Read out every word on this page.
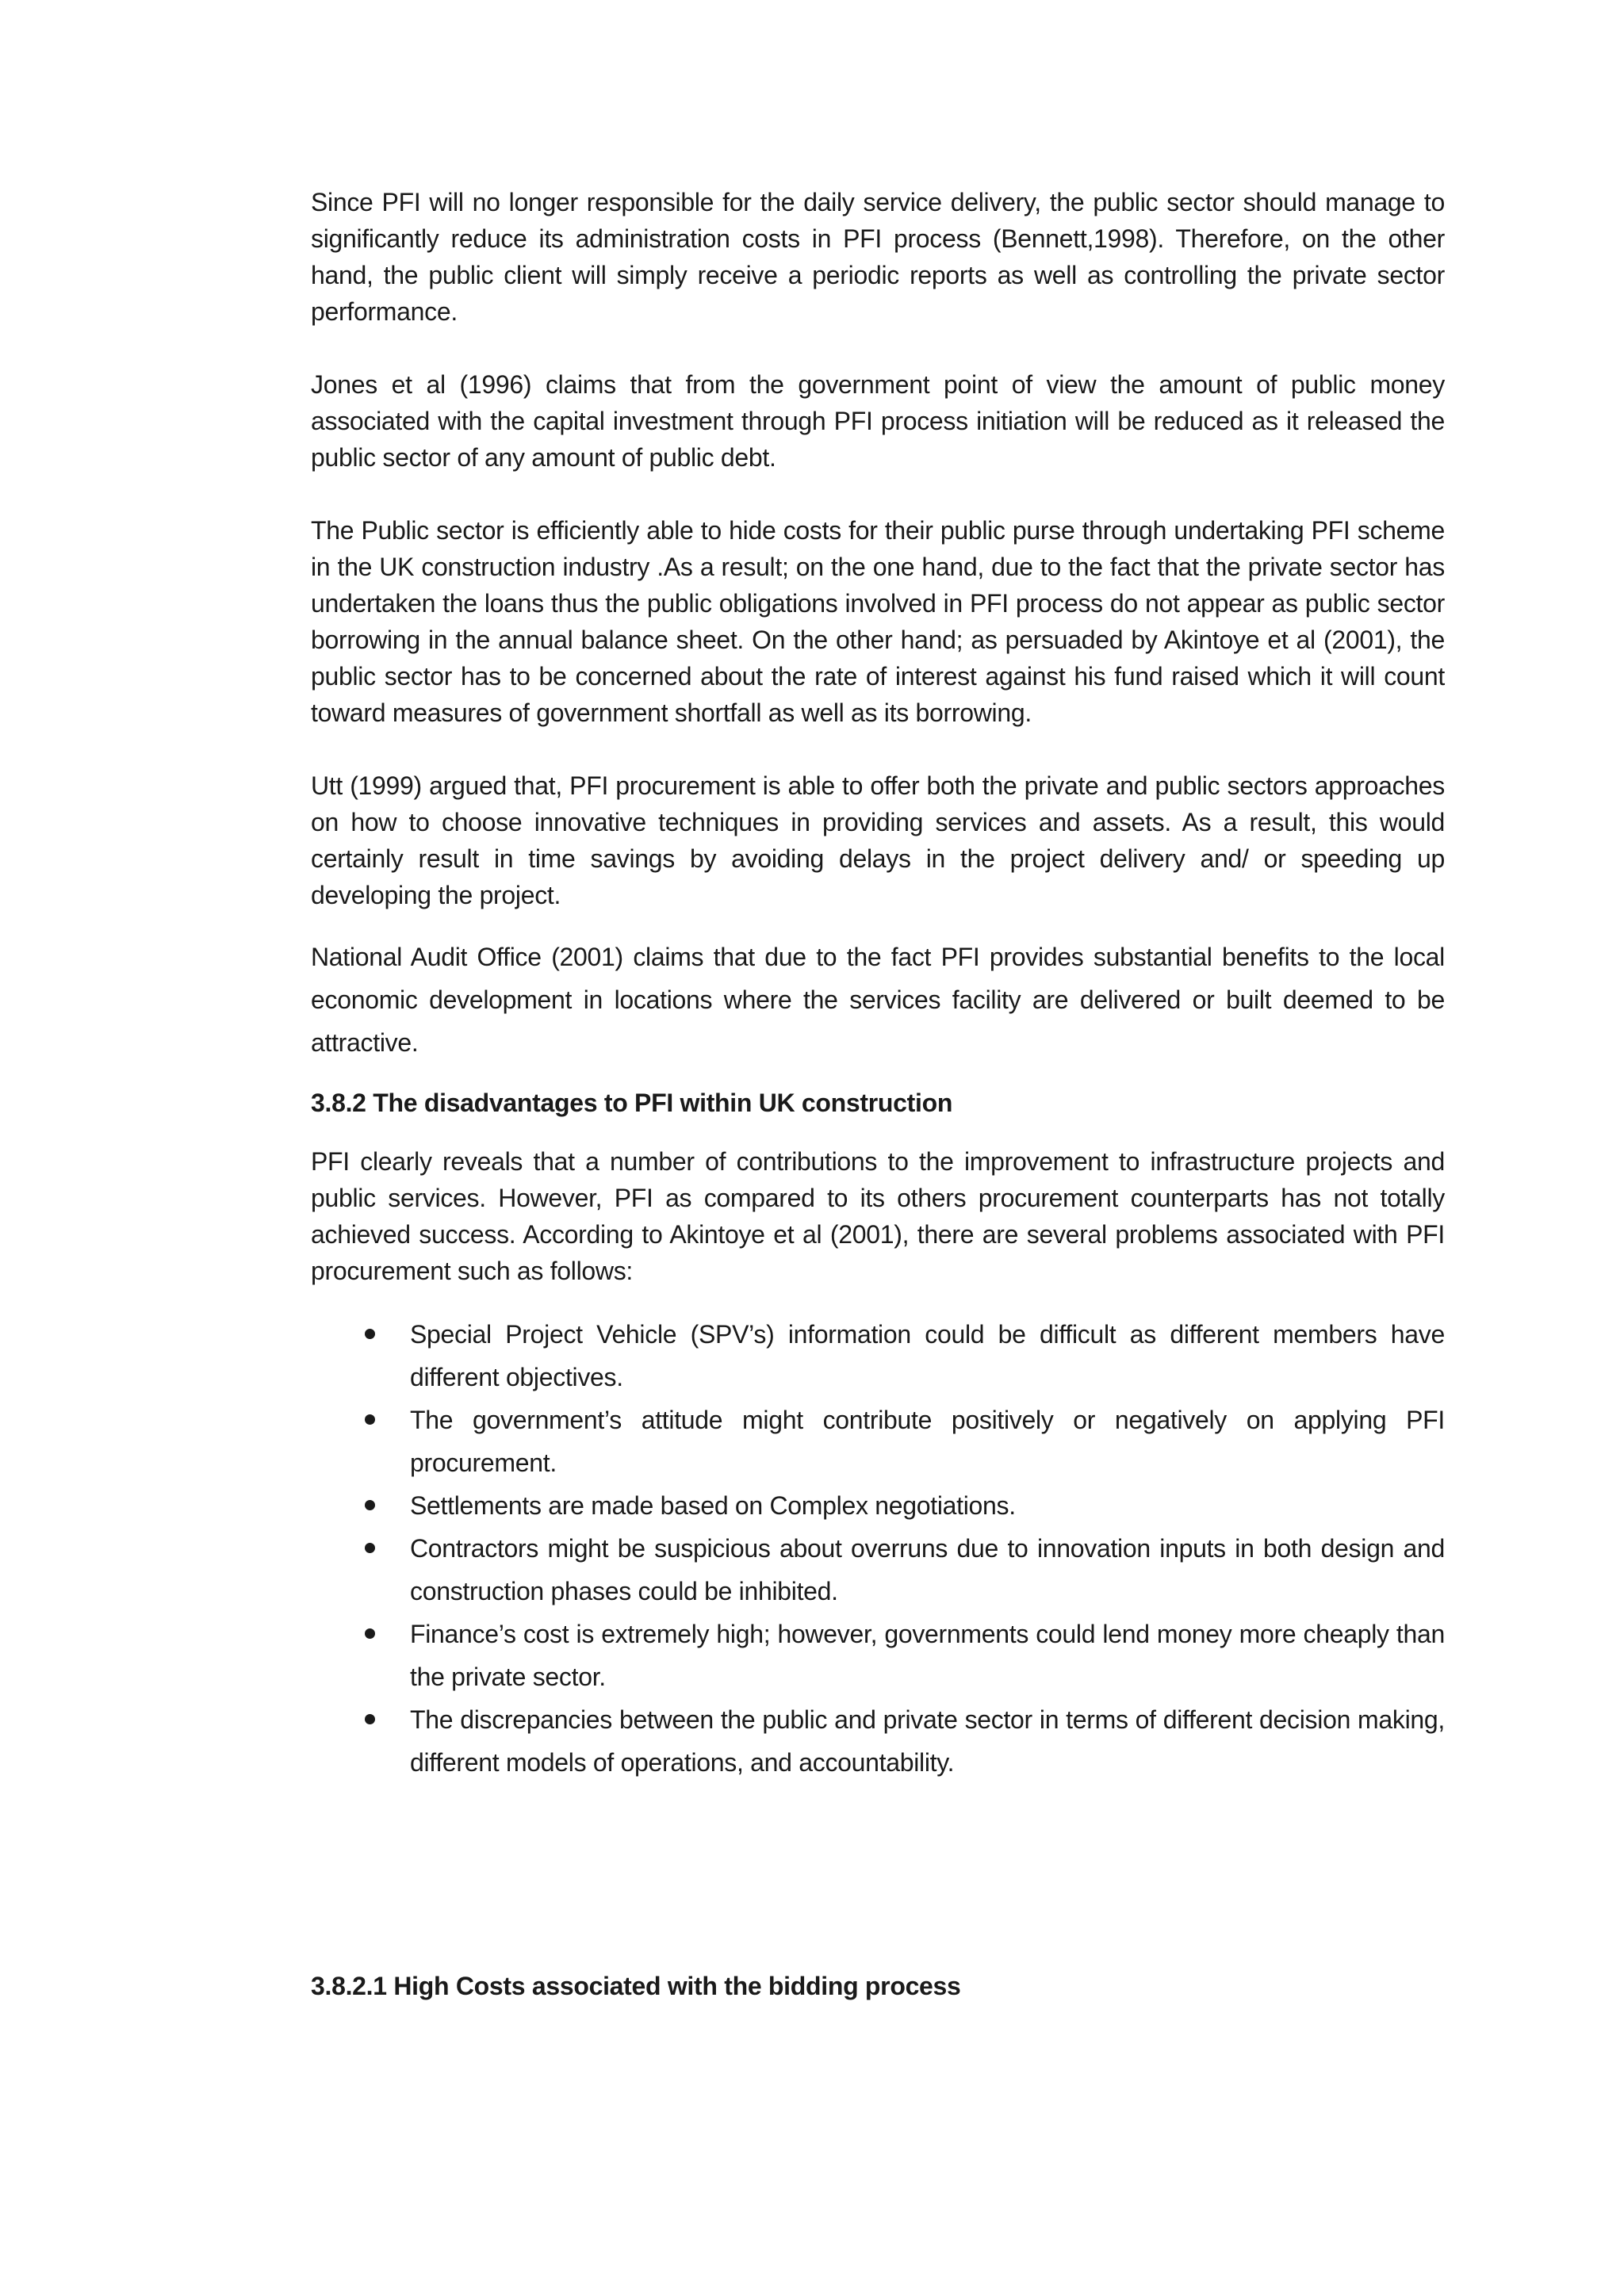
Since PFI will no longer responsible for the daily service delivery, the public sector should manage to significantly reduce its administration costs in PFI process (Bennett,1998). Therefore, on the other hand, the public client will simply receive a periodic reports as well as controlling the private sector performance.

Jones et al (1996) claims that from the government point of view the amount of public money associated with the capital investment through PFI process initiation will be reduced as it released the public sector of any amount of public debt.

The Public sector is efficiently able to hide costs for their public purse through undertaking PFI scheme in the UK construction industry .As a result; on the one hand, due to the fact that the private sector has undertaken the loans thus the public obligations involved in PFI process do not appear as public sector borrowing in the annual balance sheet. On the other hand; as persuaded by Akintoye et al (2001), the public sector has to be concerned about the rate of interest against his fund raised which it will count toward measures of government shortfall as well as its borrowing.

Utt (1999) argued that, PFI procurement is able to offer both the private and public sectors approaches on how to choose innovative techniques in providing services and assets. As a result, this would certainly result in time savings by avoiding delays in the project delivery and/ or speeding up developing the project.

National Audit Office (2001) claims that due to the fact PFI provides substantial benefits to the local economic development in locations where the services facility are delivered or built deemed to be attractive.

3.8.2 The disadvantages to PFI within UK construction

PFI clearly reveals that a number of contributions to the improvement to infrastructure projects and public services. However, PFI as compared to its others procurement counterparts has not totally achieved success. According to Akintoye et al (2001), there are several problems associated with PFI procurement such as follows:

Special Project Vehicle (SPV’s) information could be difficult as different members have different objectives.
The government’s attitude might contribute positively or negatively on applying PFI procurement.
Settlements are made based on Complex negotiations.
Contractors might be suspicious about overruns due to innovation inputs in both design and construction phases could be inhibited.
Finance’s cost is extremely high; however, governments could lend money more cheaply than the private sector.
The discrepancies between the public and private sector in terms of different decision making, different models of operations, and accountability.
3.8.2.1 High Costs associated with the bidding process
